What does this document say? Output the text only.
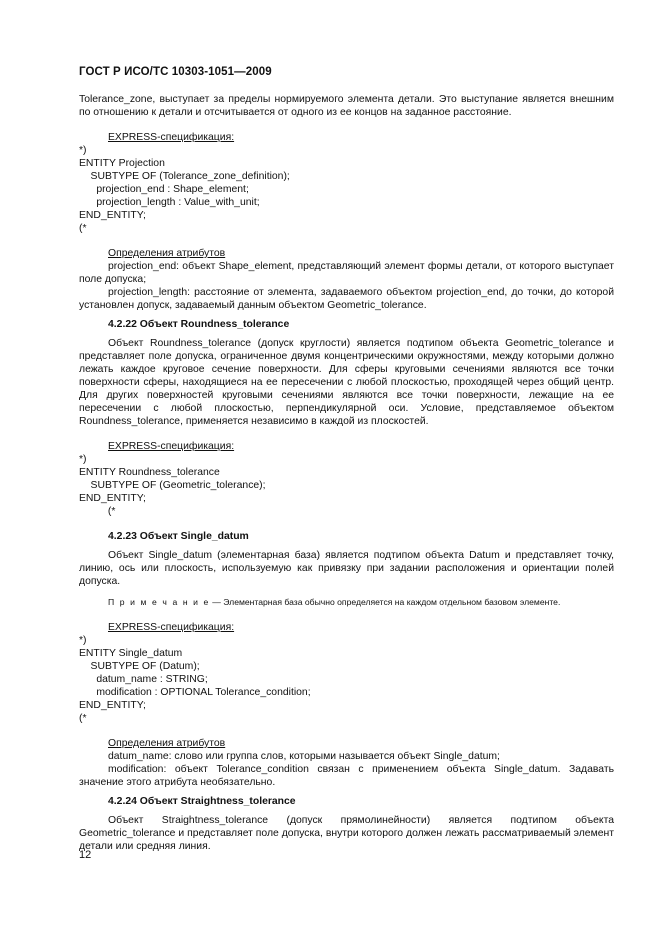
ГОСТ Р ИСО/ТС 10303-1051—2009

Tolerance_zone, выступает за пределы нормируемого элемента детали. Это выступание является внешним по отношению к детали и отсчитывается от одного из ее концов на заданное расстояние.

EXPRESS-спецификация:
*)
ENTITY Projection
SUBTYPE OF (Tolerance_zone_definition);
projection_end : Shape_element;
projection_length : Value_with_unit;
END_ENTITY;
(*
Определения атрибутов

projection_end: объект Shape_element, представляющий элемент формы детали, от которого выступает поле допуска;

projection_length: расстояние от элемента, задаваемого объектом projection_end, до точки, до которой установлен допуск, задаваемый данным объектом Geometric_tolerance.

4.2.22 Объект Roundness_tolerance

Объект Roundness_tolerance (допуск круглости) является подтипом объекта Geometric_tolerance и представляет поле допуска, ограниченное двумя концентрическими окружностями, между которыми должно лежать каждое круговое сечение поверхности. Для сферы круговыми сечениями являются все точки поверхности сферы, находящиеся на ее пересечении с любой плоскостью, проходящей через общий центр. Для других поверхностей круговыми сечениями являются все точки поверхности, лежащие на ее пересечении с любой плоскостью, перпендикулярной оси. Условие, представляемое объектом Roundness_tolerance, применяется независимо в каждой из плоскостей.

EXPRESS-спецификация:
*)
ENTITY Roundness_tolerance
SUBTYPE OF (Geometric_tolerance);
END_ENTITY;
(*
4.2.23 Объект Single_datum

Объект Single_datum (элементарная база) является подтипом объекта Datum и представляет точку, линию, ось или плоскость, используемую как привязку при задании расположения и ориентации полей допуска.

П р и м е ч а н и е — Элементарная база обычно определяется на каждом отдельном базовом элементе.

EXPRESS-спецификация:
*)
ENTITY Single_datum
SUBTYPE OF (Datum);
datum_name : STRING;
modification : OPTIONAL Tolerance_condition;
END_ENTITY;
(*
Определения атрибутов

datum_name: слово или группа слов, которыми называется объект Single_datum;

modification: объект Tolerance_condition связан с применением объекта Single_datum. Задавать значение этого атрибута необязательно.

4.2.24 Объект Straightness_tolerance

Объект Straightness_tolerance (допуск прямолинейности) является подтипом объекта Geometric_tolerance и представляет поле допуска, внутри которого должен лежать рассматриваемый элемент детали или средняя линия.

12
